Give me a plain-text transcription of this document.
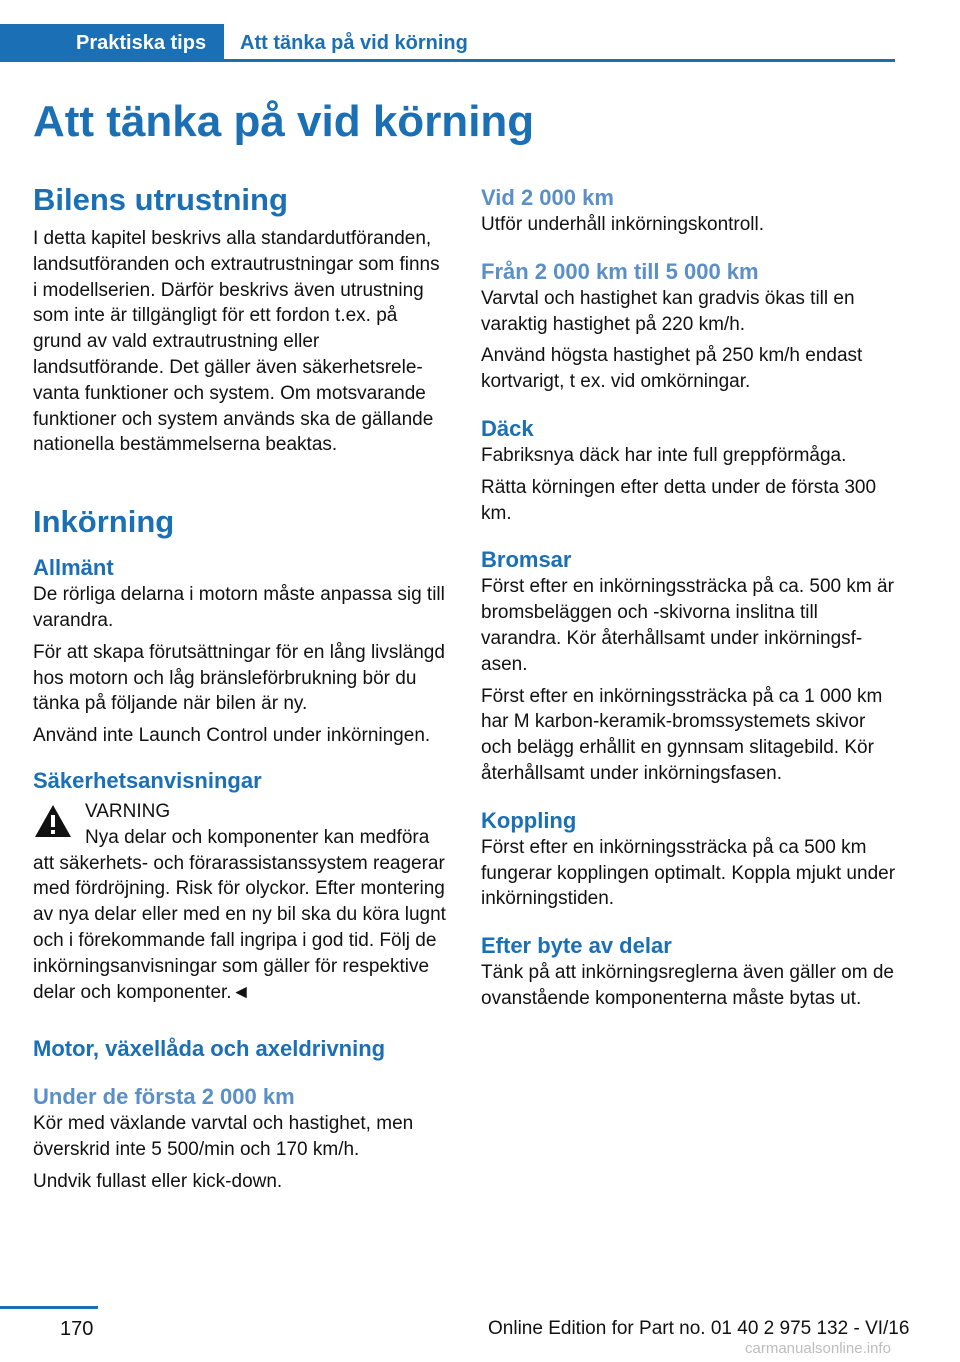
Praktiska tips	Att tänka på vid körning
Att tänka på vid körning
Bilens utrustning

I detta kapitel beskrivs alla standardutföranden, landsutföranden och extrautrustningar som finns i modellserien. Därför beskrivs även utrustning som inte är tillgängligt för ett fordon t.ex. på grund av vald extrautrustning eller landsutförande. Det gäller även säkerhetsrelevanta funktioner och system. Om motsvarande funktioner och system används ska de gällande nationella bestämmelserna beaktas.

Inkörning
Allmänt

De rörliga delarna i motorn måste anpassa sig till varandra.

För att skapa förutsättningar för en lång livslängd hos motorn och låg bränsleförbrukning bör du tänka på följande när bilen är ny.

Använd inte Launch Control under inkörningen.

Säkerhetsanvisningar
VARNING
Nya delar och komponenter kan medföra
att säkerhets- och förarassistanssystem reagerar med fördröjning. Risk för olyckor. Efter montering av nya delar eller med en ny bil ska du köra lugnt och i förekommande fall ingripa i god tid. Följ de inkörningsanvisningar som gäller för respektive delar och komponenter.◄
Motor, växellåda och axeldrivning
Under de första 2 000 km

Kör med växlande varvtal och hastighet, men överskrid inte 5 500/min och 170 km/h.

Undvik fullast eller kick-down.

Vid 2 000 km

Utför underhåll inkörningskontroll.

Från 2 000 km till 5 000 km

Varvtal och hastighet kan gradvis ökas till en varaktig hastighet på 220 km/h.

Använd högsta hastighet på 250 km/h endast kortvarigt, t ex. vid omkörningar.

Däck

Fabriksnya däck har inte full greppförmåga.

Rätta körningen efter detta under de första 300 km.

Bromsar

Först efter en inkörningssträcka på ca. 500 km är bromsbeläggen och -skivorna inslitna till varandra. Kör återhållsamt under inkörningsfasen.

Först efter en inkörningssträcka på ca 1 000 km har M karbon-keramik-bromssystemets skivor och belägg erhållit en gynnsam slitagebild. Kör återhållsamt under inkörningsfasen.

Koppling

Först efter en inkörningssträcka på ca 500 km fungerar kopplingen optimalt. Koppla mjukt under inkörningstiden.

Efter byte av delar

Tänk på att inkörningsreglerna även gäller om de ovanstående komponenterna måste bytas ut.

170	Online Edition for Part no. 01 40 2 975 132 - VI/16
carmanualsonline.info
